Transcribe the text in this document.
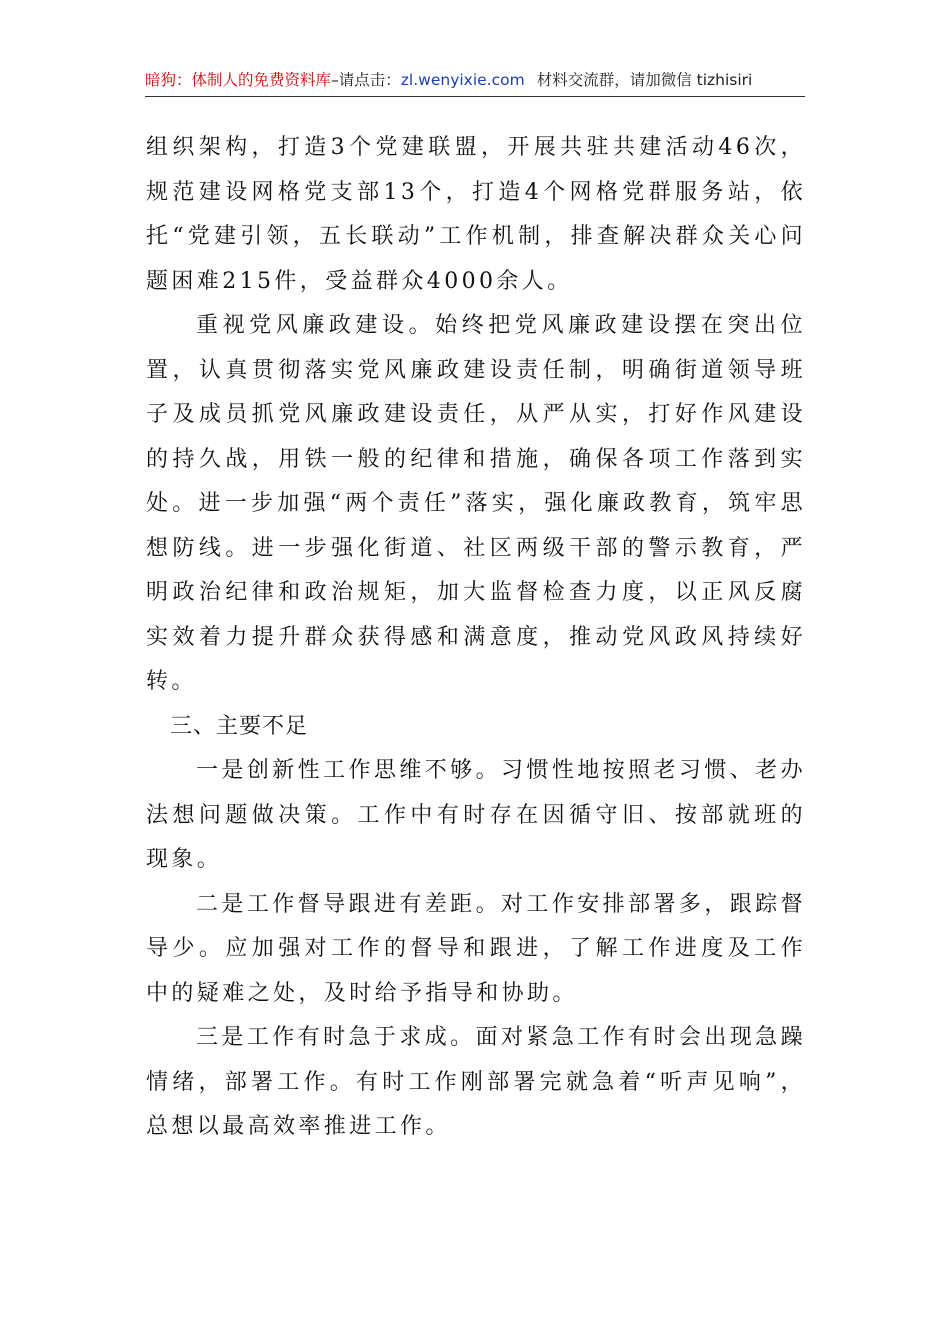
暗狗：体制人的免费资料库–请点击：zl.wenyixie.com 材料交流群，请加微信 tizhisiri

组织架构，打造3个党建联盟，开展共驻共建活动46次，规范建设网格党支部13个，打造4个网格党群服务站，依托“党建引领，五长联动”工作机制，排查解决群众关心问题困难215件，受益群众4000余人。

重视党风廉政建设。始终把党风廉政建设摆在突出位置，认真贯彻落实党风廉政建设责任制，明确街道领导班子及成员抓党风廉政建设责任，从严从实，打好作风建设的持久战，用铁一般的纪律和措施，确保各项工作落到实处。进一步加强“两个责任”落实，强化廉政教育，筑牢思想防线。进一步强化街道、社区两级干部的警示教育，严明政治纪律和政治规矩，加大监督检查力度，以正风反腐实效着力提升群众获得感和满意度，推动党风政风持续好转。

三、主要不足

一是创新性工作思维不够。习惯性地按照老习惯、老办法想问题做决策。工作中有时存在因循守旧、按部就班的现象。

二是工作督导跟进有差距。对工作安排部署多，跟踪督导少。应加强对工作的督导和跟进，了解工作进度及工作中的疑难之处，及时给予指导和协助。

三是工作有时急于求成。面对紧急工作有时会出现急躁情绪，部署工作。有时工作刚部署完就急着“听声见响”，总想以最高效率推进工作。
